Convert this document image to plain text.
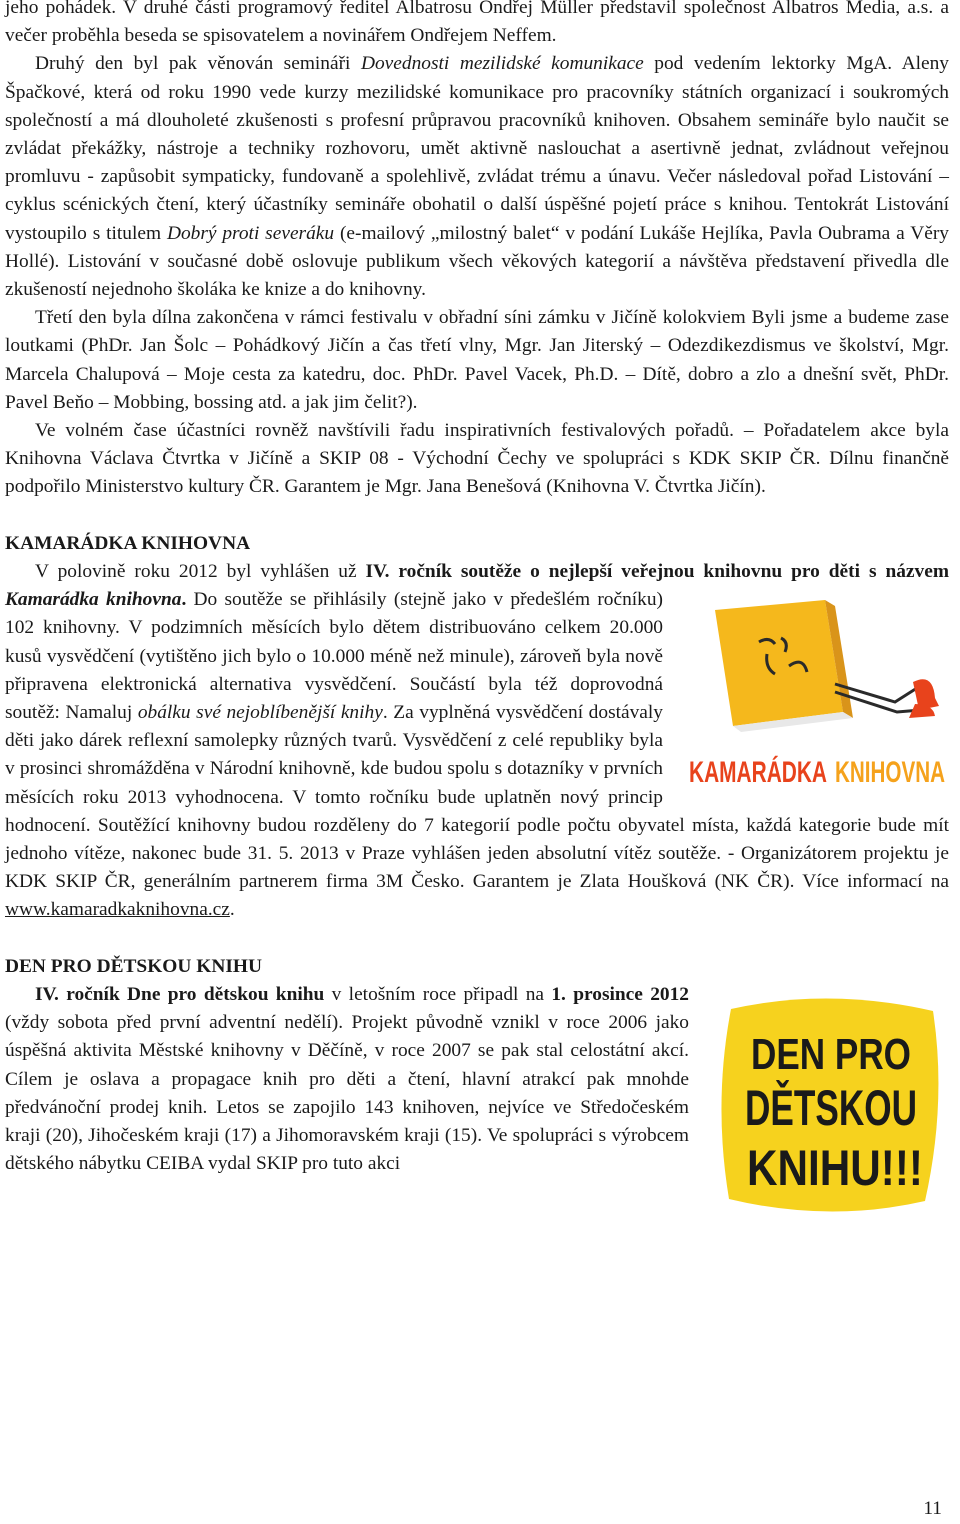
jeho pohádek. V druhé části programový ředitel Albatrosu Ondřej Müller představil společnost Albatros Media, a.s. a večer proběhla beseda se spisovatelem a novinářem Ondřejem Neffem.

Druhý den byl pak věnován semináři Dovednosti mezilidské komunikace pod vedením lektorky MgA. Aleny Špačkové, která od roku 1990 vede kurzy mezilidské komunikace pro pracovníky státních organizací i soukromých společností a má dlouholeté zkušenosti s profesní průpravou pracovníků knihoven. Obsahem semináře bylo naučit se zvládat překážky, nástroje a techniky rozhovoru, umět aktivně naslouchat a asertivně jednat, zvládnout veřejnou promluvu - zapůsobit sympaticky, fundovaně a spolehlivě, zvládat trému a únavu. Večer následoval pořad Listování – cyklus scénických čtení, který účastníky semináře obohatil o další úspěšné pojetí práce s knihou. Tentokrát Listování vystoupilo s titulem Dobrý proti severáku (e-mailový „milostný balet“ v podání Lukáše Hejlíka, Pavla Oubrama a Věry Hollé). Listování v současné době oslovuje publikum všech věkových kategorií a návštěva představení přivedla dle zkušeností nejednoho školáka ke knize a do knihovny.

Třetí den byla dílna zakončena v rámci festivalu v obřadní síni zámku v Jičíně kolokviem Byli jsme a budeme zase loutkami (PhDr. Jan Šolc – Pohádkový Jičín a čas třetí vlny, Mgr. Jan Jiterský – Odezdikezdismus ve školství, Mgr. Marcela Chalupová – Moje cesta za katedru, doc. PhDr. Pavel Vacek, Ph.D. – Dítě, dobro a zlo a dnešní svět, PhDr. Pavel Beňo – Mobbing, bossing atd. a jak jim čelit?).

Ve volném čase účastníci rovněž navštívili řadu inspirativních festivalových pořadů. – Pořadatelem akce byla Knihovna Václava Čtvrtka v Jičíně a SKIP 08 - Východní Čechy ve spolupráci s KDK SKIP ČR. Dílnu finančně podpořilo Ministerstvo kultury ČR. Garantem je Mgr. Jana Benešová (Knihovna V. Čtvrtka Jičín).

KAMARÁDKA KNIHOVNA

V polovině roku 2012 byl vyhlášen už IV. ročník soutěže o nejlepší veřejnou knihovnu pro děti s názvem
KAMARÁDKA
KNIHOVNA
Kamarádka knihovna. Do soutěže se přihlásily (stejně jako v předešlém ročníku) 102 knihovny. V podzimních měsících bylo dětem distribuováno celkem 20.000 kusů vysvědčení (vytištěno jich bylo o 10.000 méně než minule), zároveň byla nově připravena elektronická alternativa vysvědčení. Součástí byla též doprovodná soutěž: Namaluj obálku své nejoblíbenější knihy. Za vyplněná vysvědčení dostávaly děti jako dárek reflexní samolepky různých tvarů. Vysvědčení z celé republiky byla v prosinci shromážděna v Národní knihovně, kde budou spolu s dotazníky v prvních měsících roku 2013 vyhodnocena. V tomto ročníku bude uplatněn nový princip hodnocení. Soutěžící knihovny budou rozděleny do 7 kategorií podle počtu obyvatel místa, každá kategorie bude mít jednoho vítěze, nakonec bude 31. 5. 2013 v Praze vyhlášen jeden absolutní vítěz soutěže. - Organizátorem projektu je KDK SKIP ČR, generálním partnerem firma 3M Česko. Garantem je Zlata Houšková (NK ČR). Více informací na www.kamaradkaknihovna.cz.

DEN PRO DĚTSKOU KNIHU

IV. ročník Dne pro dětskou knihu v letošním roce připadl na 1. prosince 2012
DEN PRO
DĚTSKOU
KNIHU!!!
(vždy sobota před první adventní nedělí). Projekt původně vznikl v roce 2006 jako úspěšná aktivita Městské knihovny v Děčíně, v roce 2007 se pak stal celostátní akcí. Cílem je oslava a propagace knih pro děti a čtení, hlavní atrakcí pak mnohde předvánoční prodej knih. Letos se zapojilo 143 knihoven, nejvíce ve Středočeském kraji (20), Jihočeském kraji (17) a Jihomoravském kraji (15). Ve spolupráci s výrobcem dětského nábytku CEIBA vydal SKIP pro tuto akci

11
